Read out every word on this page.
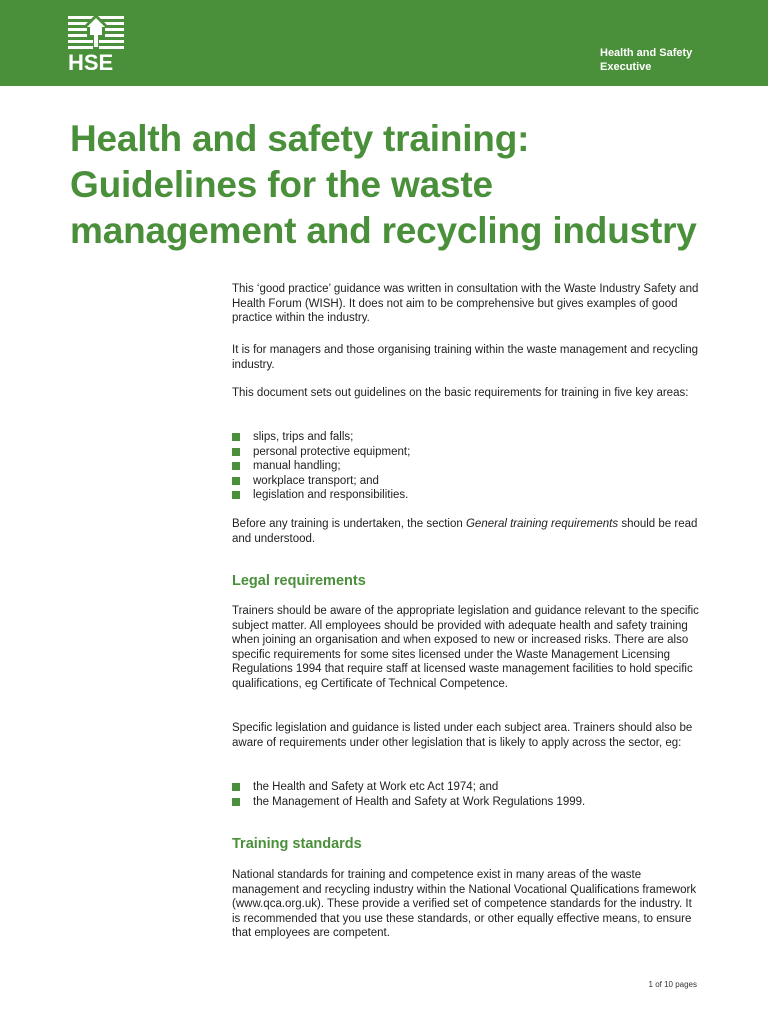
HSE	Health and Safety
Executive
Health and safety training:
Guidelines for the waste
management and recycling industry

This ‘good practice’ guidance was written in consultation with the Waste Industry Safety and Health Forum (WISH). It does not aim to be comprehensive but gives examples of good practice within the industry.

It is for managers and those organising training within the waste management and recycling industry.

This document sets out guidelines on the basic requirements for training in five key areas:

slips, trips and falls;
personal protective equipment;
manual handling;
workplace transport; and
legislation and responsibilities.

Before any training is undertaken, the section General training requirements should be read and understood.

Legal requirements

Trainers should be aware of the appropriate legislation and guidance relevant to the specific subject matter. All employees should be provided with adequate health and safety training when joining an organisation and when exposed to new or increased risks. There are also specific requirements for some sites licensed under the Waste Management Licensing Regulations 1994 that require staff at licensed waste management facilities to hold specific qualifications, eg Certificate of Technical Competence.

Specific legislation and guidance is listed under each subject area. Trainers should also be aware of requirements under other legislation that is likely to apply across the sector, eg:

the Health and Safety at Work etc Act 1974; and
the Management of Health and Safety at Work Regulations 1999.
Training standards

National standards for training and competence exist in many areas of the waste management and recycling industry within the National Vocational Qualifications framework (www.qca.org.uk). These provide a verified set of competence standards for the industry. It is recommended that you use these standards, or other equally effective means, to ensure that employees are competent.

1 of 10 pages
